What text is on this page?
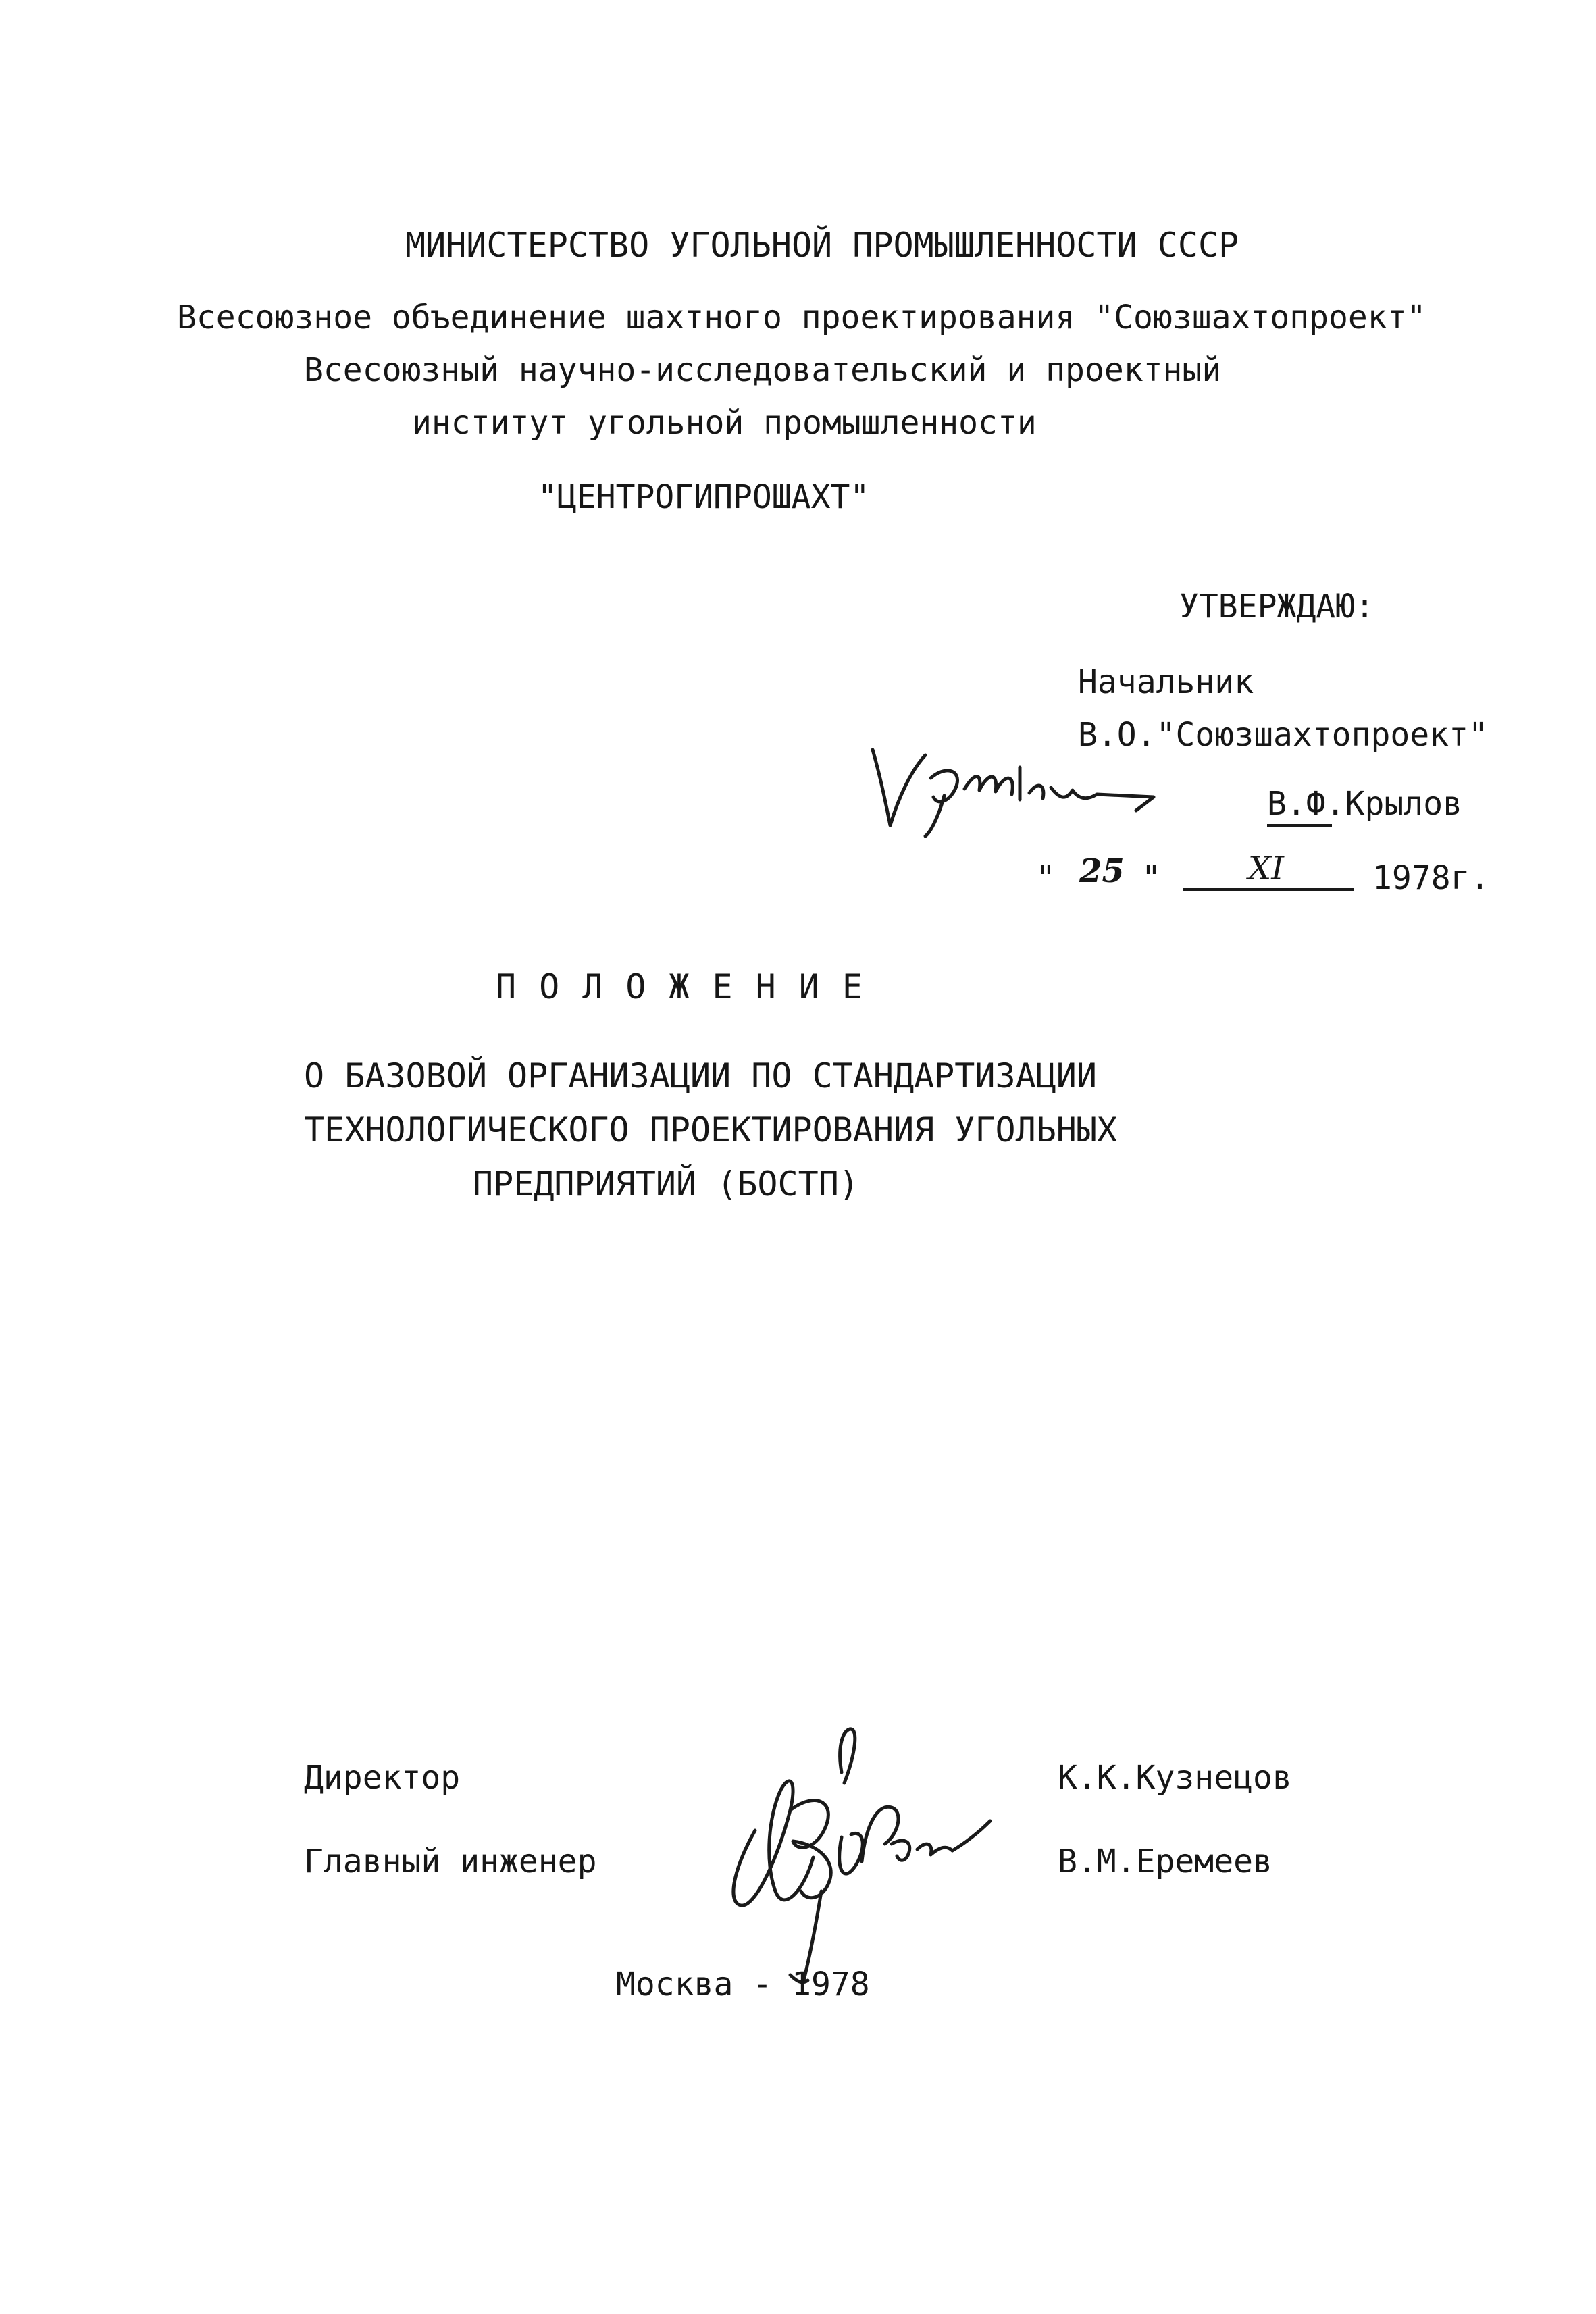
МИНИСТЕРСТВО УГОЛЬНОЙ ПРОМЫШЛЕННОСТИ СССР
Всесоюзное объединение шахтного проектирования "Союзшахтопроект"
Всесоюзный научно-исследовательский и проектный
институт угольной промышленности
"ЦЕНТРОГИПРОШАХТ"
УТВЕРЖДАЮ:
Начальник
В.О."Союзшахтопроект"
В.Ф.Крылов
" 25 "	XI	1978г.
ПОЛОЖЕНИЕ
О БАЗОВОЙ ОРГАНИЗАЦИИ ПО СТАНДАРТИЗАЦИИ
ТЕХНОЛОГИЧЕСКОГО ПРОЕКТИРОВАНИЯ УГОЛЬНЫХ
ПРЕДПРИЯТИЙ (БОСТП)
Директор	К.К.Кузнецов
Главный инженер	В.М.Еремеев
Москва - 1978
